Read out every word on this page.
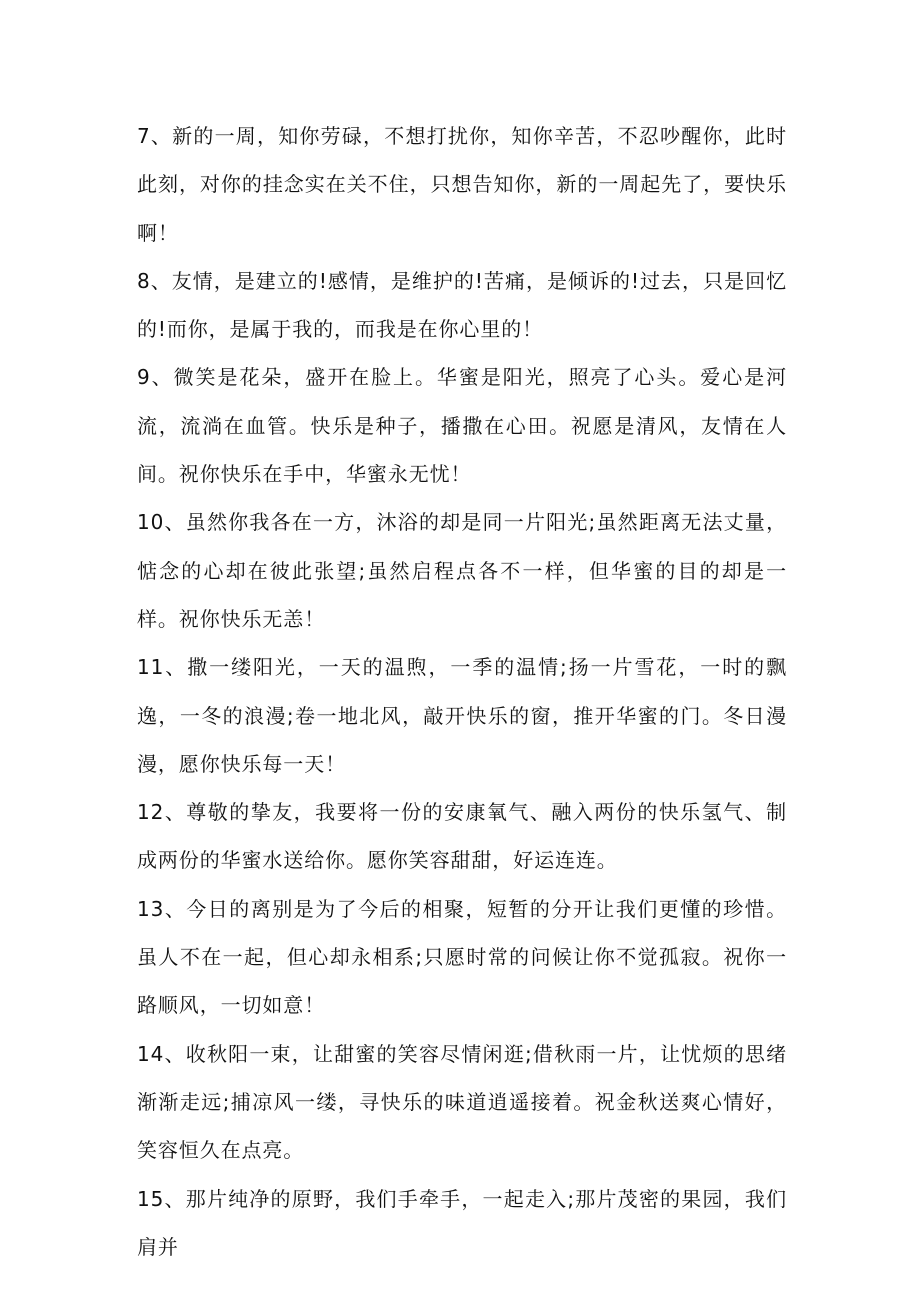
7、新的一周，知你劳碌，不想打扰你，知你辛苦，不忍吵醒你，此时此刻，对你的挂念实在关不住，只想告知你，新的一周起先了，要快乐啊！

8、友情，是建立的!感情，是维护的!苦痛，是倾诉的!过去，只是回忆的!而你，是属于我的，而我是在你心里的！

9、微笑是花朵，盛开在脸上。华蜜是阳光，照亮了心头。爱心是河流，流淌在血管。快乐是种子，播撒在心田。祝愿是清风，友情在人间。祝你快乐在手中，华蜜永无忧！

10、虽然你我各在一方，沐浴的却是同一片阳光;虽然距离无法丈量，惦念的心却在彼此张望;虽然启程点各不一样，但华蜜的目的却是一样。祝你快乐无恙！

11、撒一缕阳光，一天的温煦，一季的温情;扬一片雪花，一时的飘逸，一冬的浪漫;卷一地北风，敲开快乐的窗，推开华蜜的门。冬日漫漫，愿你快乐每一天！

12、尊敬的挚友，我要将一份的安康氧气、融入两份的快乐氢气、制成两份的华蜜水送给你。愿你笑容甜甜，好运连连。

13、今日的离别是为了今后的相聚，短暂的分开让我们更懂的珍惜。虽人不在一起，但心却永相系;只愿时常的问候让你不觉孤寂。祝你一路顺风，一切如意！

14、收秋阳一束，让甜蜜的笑容尽情闲逛;借秋雨一片，让忧烦的思绪渐渐走远;捕凉风一缕，寻快乐的味道逍遥接着。祝金秋送爽心情好，笑容恒久在点亮。

15、那片纯净的原野，我们手牵手，一起走入;那片茂密的果园，我们肩并
